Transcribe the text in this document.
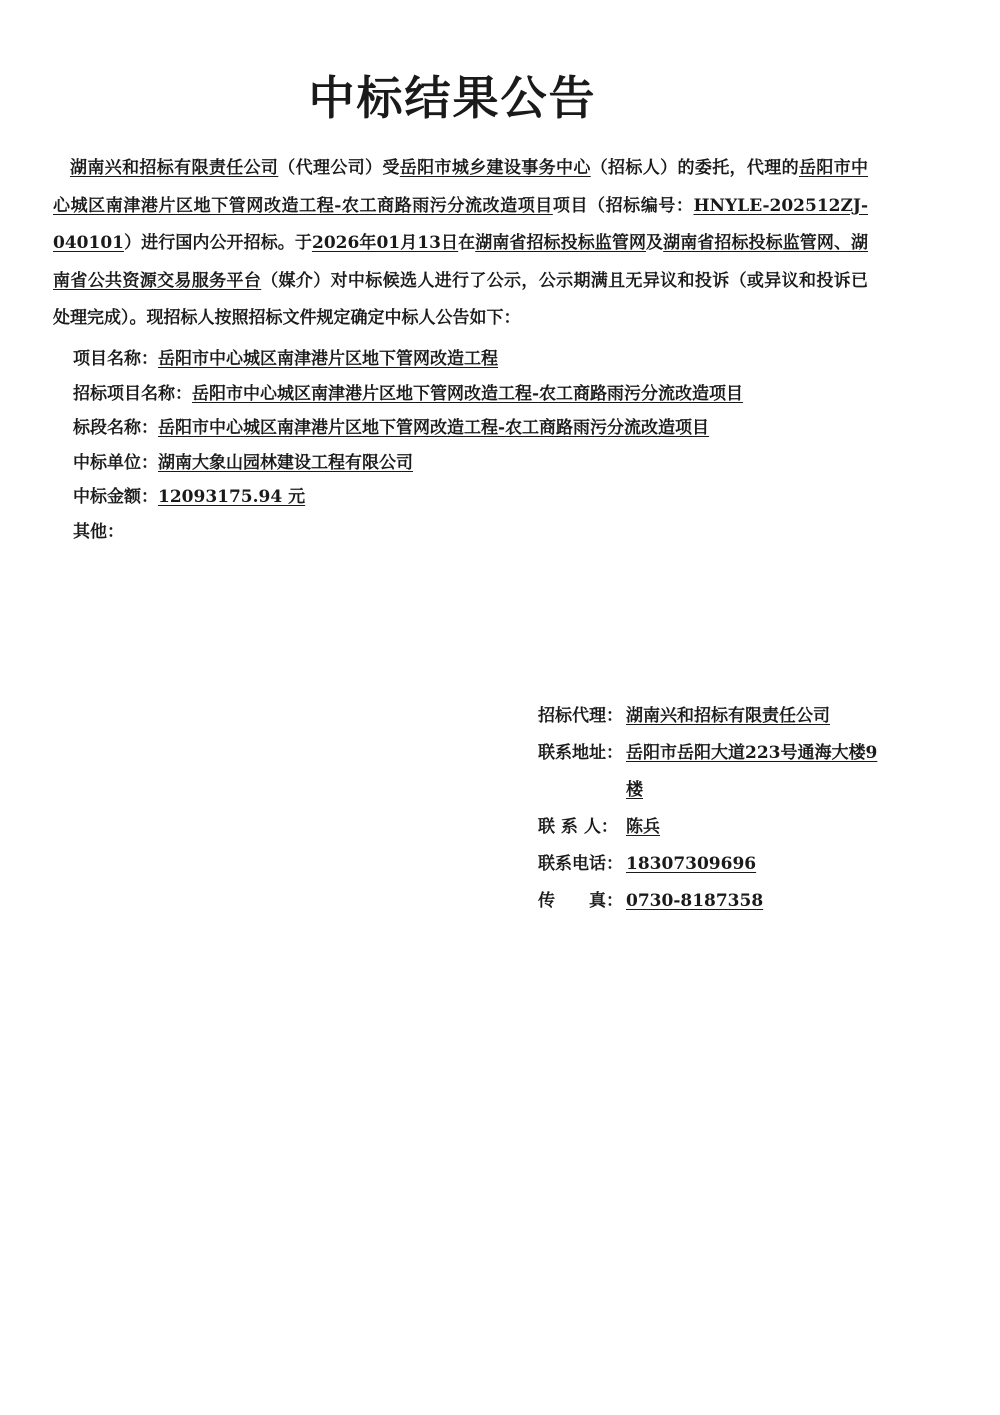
中标结果公告
湖南兴和招标有限责任公司（代理公司）受岳阳市城乡建设事务中心（招标人）的委托，代理的岳阳市中心城区南津港片区地下管网改造工程-农工商路雨污分流改造项目项目（招标编号：HNYLE-202512ZJ-040101）进行国内公开招标。于2026年01月13日在湖南省招标投标监管网及湖南省招标投标监管网、湖南省公共资源交易服务平台（媒介）对中标候选人进行了公示，公示期满且无异议和投诉（或异议和投诉已处理完成）。现招标人按照招标文件规定确定中标人公告如下：
项目名称：岳阳市中心城区南津港片区地下管网改造工程
招标项目名称：岳阳市中心城区南津港片区地下管网改造工程-农工商路雨污分流改造项目
标段名称：岳阳市中心城区南津港片区地下管网改造工程-农工商路雨污分流改造项目
中标单位：湖南大象山园林建设工程有限公司
中标金额：12093175.94 元
其他：
招标代理： 湖南兴和招标有限责任公司
联系地址： 岳阳市岳阳大道223号通海大楼9楼
联 系 人： 陈兵
联系电话： 18307309696
传　　真： 0730-8187358
